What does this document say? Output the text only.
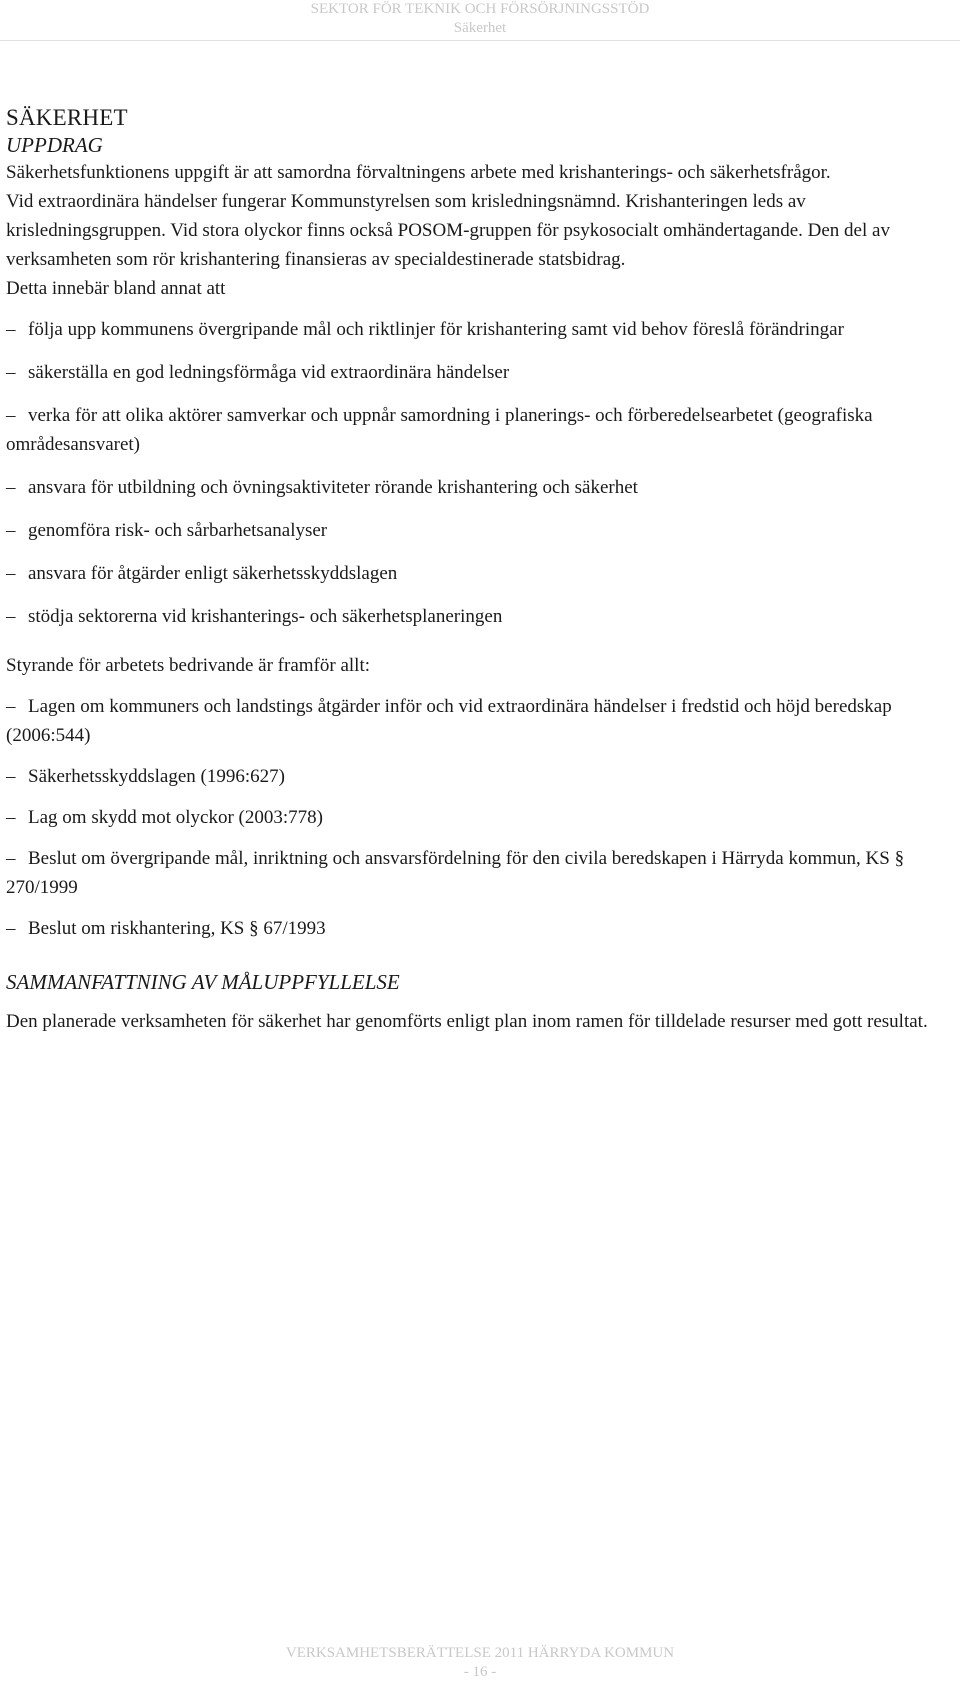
SEKTOR FÖR TEKNIK OCH FÖRSÖRJNINGSSTÖD
Säkerhet

SÄKERHET

UPPDRAG

Säkerhetsfunktionens uppgift är att samordna förvaltningens arbete med krishanterings- och säkerhetsfrågor.

Vid extraordinära händelser fungerar Kommunstyrelsen som krisledningsnämnd. Krishanteringen leds av krisledningsgruppen. Vid stora olyckor finns också POSOM-gruppen för psykosocialt omhändertagande. Den del av verksamheten som rör krishantering finansieras av specialdestinerade statsbidrag.

Detta innebär bland annat att

– följa upp kommunens övergripande mål och riktlinjer för krishantering samt vid behov föreslå förändringar
– säkerställa en god ledningsförmåga vid extraordinära händelser
– verka för att olika aktörer samverkar och uppnår samordning i planerings- och förberedelsearbetet (geografiska områdesansvaret)
– ansvara för utbildning och övningsaktiviteter rörande krishantering och säkerhet
– genomföra risk- och sårbarhetsanalyser
– ansvara för åtgärder enligt säkerhetsskyddslagen
– stödja sektorerna vid krishanterings- och säkerhetsplaneringen

Styrande för arbetets bedrivande är framför allt:

– Lagen om kommuners och landstings åtgärder inför och vid extraordinära händelser i fredstid och höjd beredskap (2006:544)
– Säkerhetsskyddslagen (1996:627)
– Lag om skydd mot olyckor (2003:778)
– Beslut om övergripande mål, inriktning och ansvarsfördelning för den civila beredskapen i Härryda kommun, KS § 270/1999
– Beslut om riskhantering, KS § 67/1993

SAMMANFATTNING AV MÅLUPPFYLLELSE

Den planerade verksamheten för säkerhet har genomförts enligt plan inom ramen för tilldelade resurser med gott resultat.

VERKSAMHETSBERÄTTELSE 2011 HÄRRYDA KOMMUN
- 16 -
